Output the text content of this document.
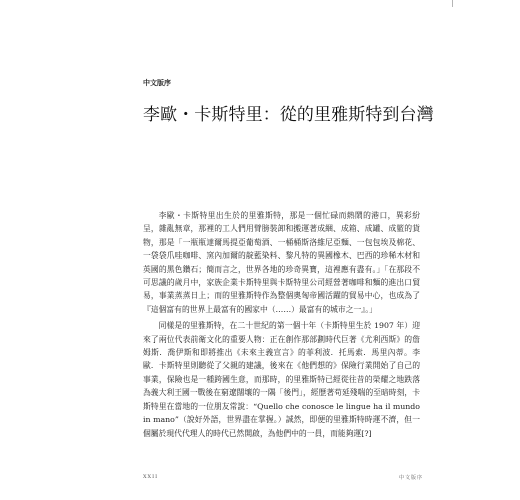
中文版序

李歐・卡斯特里：從的里雅斯特到台灣

李歐・卡斯特里出生於的里雅斯特，那是一個忙碌而熱鬧的港口，異彩紛呈，雜亂無章，那裡的工人們用臂膀裝卸和搬運著成綑、成箱、成罐、成籃的貨物，那是「一瓶瓶達爾馬提亞葡萄酒、一桶桶斯洛維尼亞麵、一包包埃及棉花、一袋袋爪哇咖啡、窯內加爾的靛藍染料、黎凡特的異國橡木、巴西的珍稀木材和英國的黑色鑽石；簡而言之，世界各地的珍奇異寶，這裡應有盡有。」「在那段不可思議的歲月中，家族企業卡斯特里與卡斯特里公司經營著咖啡和麵的進出口貿易，事業蒸蒸日上；而的里雅斯特作為整個奧匈帝國活躍的貿易中心，也成為了『這個富有的世界上最富有的國家中（……）最富有的城市之一』。」

同樣是的里雅斯特，在二十世紀的第一個十年（卡斯特里生於 1907 年）迎來了兩位代表前衛文化的重要人物：正在創作那部劃時代巨著《尤利西斯》的詹姆斯．喬伊斯和即將推出《未來主義宣言》的菲利波．托馬索．馬里內蒂。李歐．卡斯特里則聽從了父親的建議，後來在《他們想的》保險行業開始了自己的事業，保險也是一種跨國生意，而那時，的里雅斯特已經從往昔的榮耀之地跌落為義大利王國一戰後在窮遼闊壤的一隅「後門」，經歷著苟延殘喘的至暗時刻，卡斯特里在當地的一位朋友常說：“Quello che conosce le lingue ha il mundo in mano”（說好外語，世界盡在掌握。）誠然，即便的里雅斯特時運不濟，但一個屬於現代代理人的時代已然開啟，為他們中的一員，而能夠運[?]

XXII	中文版序
